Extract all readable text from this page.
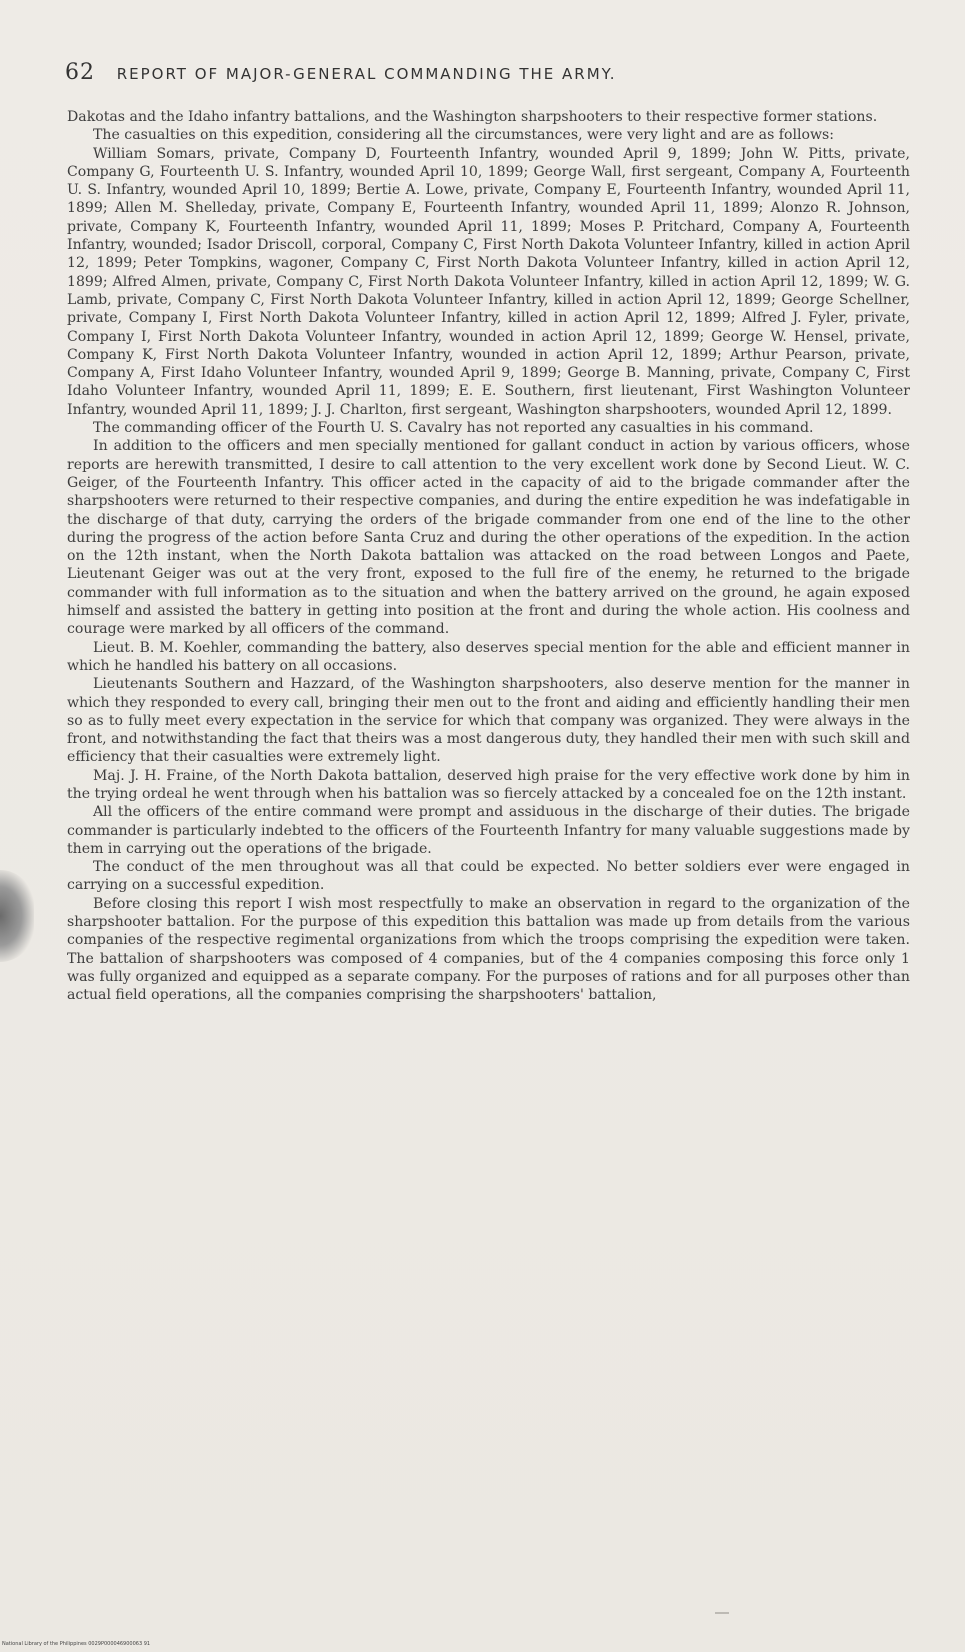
62 REPORT OF MAJOR-GENERAL COMMANDING THE ARMY.

Dakotas and the Idaho infantry battalions, and the Washington sharpshooters to their respective former stations.

The casualties on this expedition, considering all the circumstances, were very light and are as follows:

William Somars, private, Company D, Fourteenth Infantry, wounded April 9, 1899; John W. Pitts, private, Company G, Fourteenth U. S. Infantry, wounded April 10, 1899; George Wall, first sergeant, Company A, Fourteenth U. S. Infantry, wounded April 10, 1899; Bertie A. Lowe, private, Company E, Fourteenth Infantry, wounded April 11, 1899; Allen M. Shelleday, private, Company E, Fourteenth Infantry, wounded April 11, 1899; Alonzo R. Johnson, private, Company K, Fourteenth Infantry, wounded April 11, 1899; Moses P. Pritchard, Company A, Fourteenth Infantry, wounded; Isador Driscoll, corporal, Company C, First North Dakota Volunteer Infantry, killed in action April 12, 1899; Peter Tompkins, wagoner, Company C, First North Dakota Volunteer Infantry, killed in action April 12, 1899; Alfred Almen, private, Company C, First North Dakota Volunteer Infantry, killed in action April 12, 1899; W. G. Lamb, private, Company C, First North Dakota Volunteer Infantry, killed in action April 12, 1899; George Schellner, private, Company I, First North Dakota Volunteer Infantry, killed in action April 12, 1899; Alfred J. Fyler, private, Company I, First North Dakota Volunteer Infantry, wounded in action April 12, 1899; George W. Hensel, private, Company K, First North Dakota Volunteer Infantry, wounded in action April 12, 1899; Arthur Pearson, private, Company A, First Idaho Volunteer Infantry, wounded April 9, 1899; George B. Manning, private, Company C, First Idaho Volunteer Infantry, wounded April 11, 1899; E. E. Southern, first lieutenant, First Washington Volunteer Infantry, wounded April 11, 1899; J. J. Charlton, first sergeant, Washington sharpshooters, wounded April 12, 1899.

The commanding officer of the Fourth U. S. Cavalry has not reported any casualties in his command.

In addition to the officers and men specially mentioned for gallant conduct in action by various officers, whose reports are herewith transmitted, I desire to call attention to the very excellent work done by Second Lieut. W. C. Geiger, of the Fourteenth Infantry. This officer acted in the capacity of aid to the brigade commander after the sharpshooters were returned to their respective companies, and during the entire expedition he was indefatigable in the discharge of that duty, carrying the orders of the brigade commander from one end of the line to the other during the progress of the action before Santa Cruz and during the other operations of the expedition. In the action on the 12th instant, when the North Dakota battalion was attacked on the road between Longos and Paete, Lieutenant Geiger was out at the very front, exposed to the full fire of the enemy, he returned to the brigade commander with full information as to the situation and when the battery arrived on the ground, he again exposed himself and assisted the battery in getting into position at the front and during the whole action. His coolness and courage were marked by all officers of the command.

Lieut. B. M. Koehler, commanding the battery, also deserves special mention for the able and efficient manner in which he handled his battery on all occasions.

Lieutenants Southern and Hazzard, of the Washington sharpshooters, also deserve mention for the manner in which they responded to every call, bringing their men out to the front and aiding and efficiently handling their men so as to fully meet every expectation in the service for which that company was organized. They were always in the front, and notwithstanding the fact that theirs was a most dangerous duty, they handled their men with such skill and efficiency that their casualties were extremely light.

Maj. J. H. Fraine, of the North Dakota battalion, deserved high praise for the very effective work done by him in the trying ordeal he went through when his battalion was so fiercely attacked by a concealed foe on the 12th instant.

All the officers of the entire command were prompt and assiduous in the discharge of their duties. The brigade commander is particularly indebted to the officers of the Fourteenth Infantry for many valuable suggestions made by them in carrying out the operations of the brigade.

The conduct of the men throughout was all that could be expected. No better soldiers ever were engaged in carrying on a successful expedition.

Before closing this report I wish most respectfully to make an observation in regard to the organization of the sharpshooter battalion. For the purpose of this expedition this battalion was made up from details from the various companies of the respective regimental organizations from which the troops comprising the expedition were taken. The battalion of sharpshooters was composed of 4 companies, but of the 4 companies composing this force only 1 was fully organized and equipped as a separate company. For the purposes of rations and for all purposes other than actual field operations, all the companies comprising the sharpshooters' battalion,

National Library of the Philippines 0029P000046900063 91
